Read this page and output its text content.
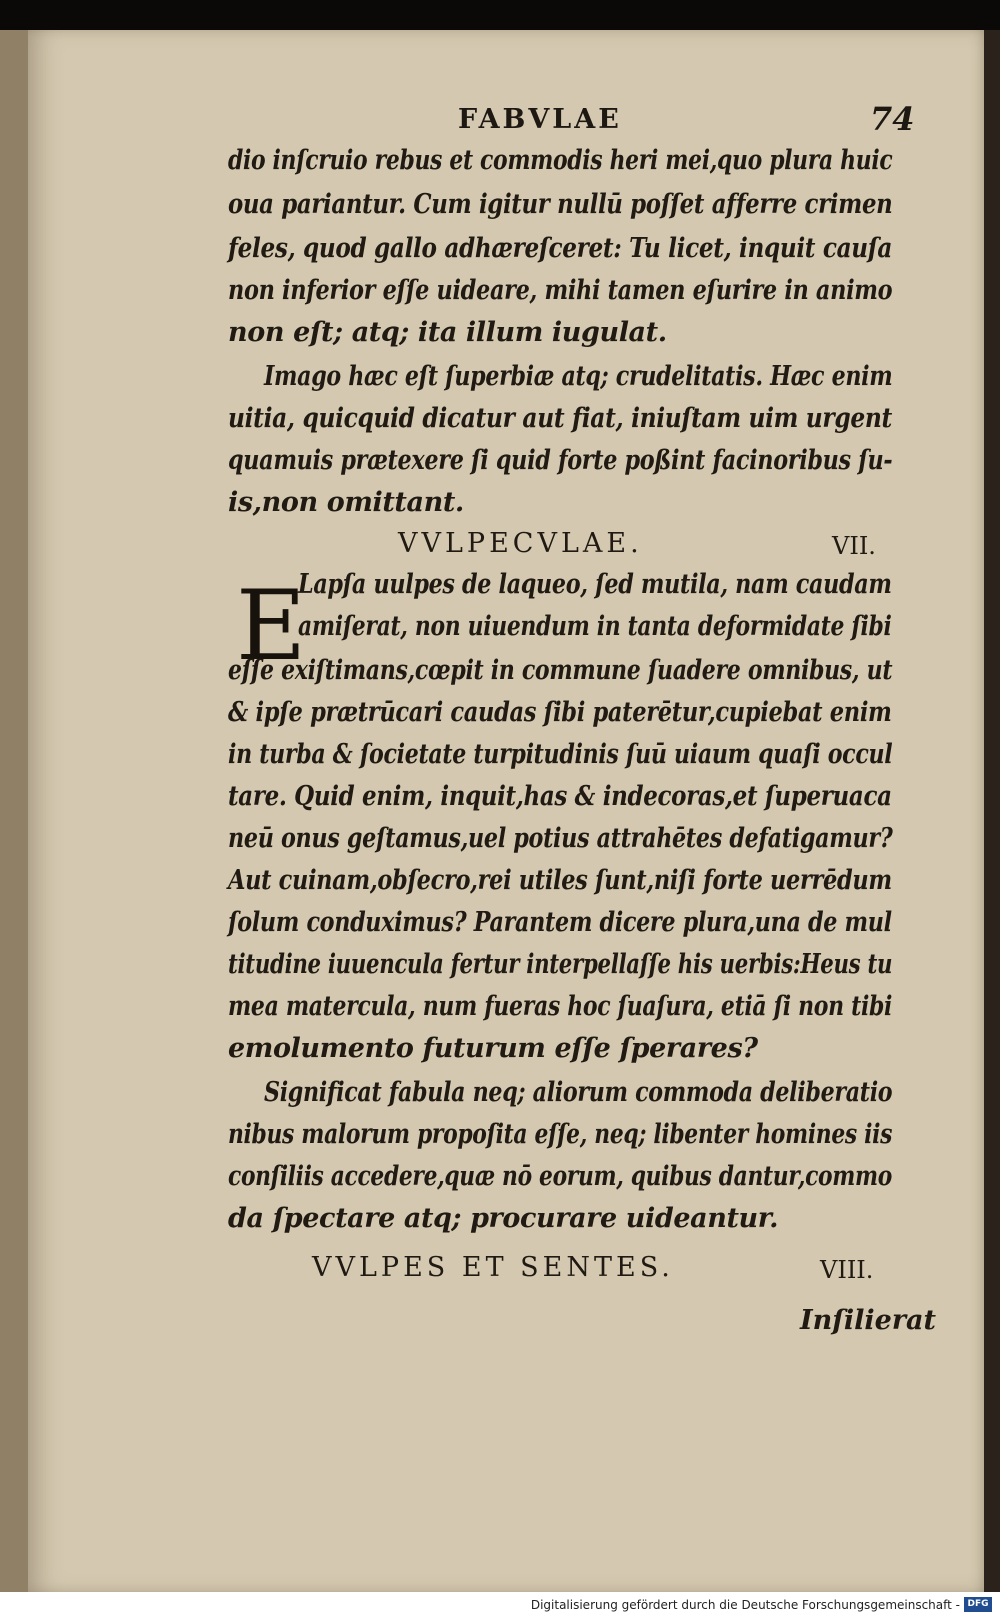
FABVLAE	74
dio inſcruio rebus et commodis heri mei,quo plura huic
oua pariantur. Cum igitur nullū poſſet afferre crimen
feles, quod gallo adhæreſceret: Tu licet, inquit cauſa
non inferior eſſe uideare, mihi tamen eſurire in animo
non eſt; atq; ita illum iugulat.
Imago hæc eſt ſuperbiæ atq; crudelitatis. Hæc enim
uitia, quicquid dicatur aut fiat, iniuſtam uim urgent
quamuis prætexere ſi quid forte poßint facinoribus ſu-
is,non omittant.
VVLPECVLAE.	VII.
E
Lapſa uulpes de laqueo, ſed mutila, nam caudam
amiſerat, non uiuendum in tanta deformidate ſibi
eſſe exiſtimans,cœpit in commune ſuadere omnibus, ut
& ipſe prætrūcari caudas ſibi paterētur,cupiebat enim
in turba & ſocietate turpitudinis ſuū uiaum quaſi occul
tare. Quid enim, inquit,has & indecoras,et ſuperuaca
neū onus geſtamus,uel potius attrahētes defatigamur?
Aut cuinam,obſecro,rei utiles ſunt,niſi forte uerrēdum
ſolum conduximus? Parantem dicere plura,una de mul
titudine iuuencula fertur interpellaſſe his uerbis:Heus tu
mea matercula, num fueras hoc ſuaſura, etiā ſi non tibi
emolumento futurum eſſe ſperares?
Significat fabula neq; aliorum commoda deliberatio
nibus malorum propoſita eſſe, neq; libenter homines iis
conſiliis accedere,quæ nō eorum, quibus dantur,commo
da ſpectare atq; procurare uideantur.
VVLPES ET SENTES.	VIII.
Inſilierat
Digitalisierung gefördert durch die Deutsche Forschungsgemeinschaft - DFG
